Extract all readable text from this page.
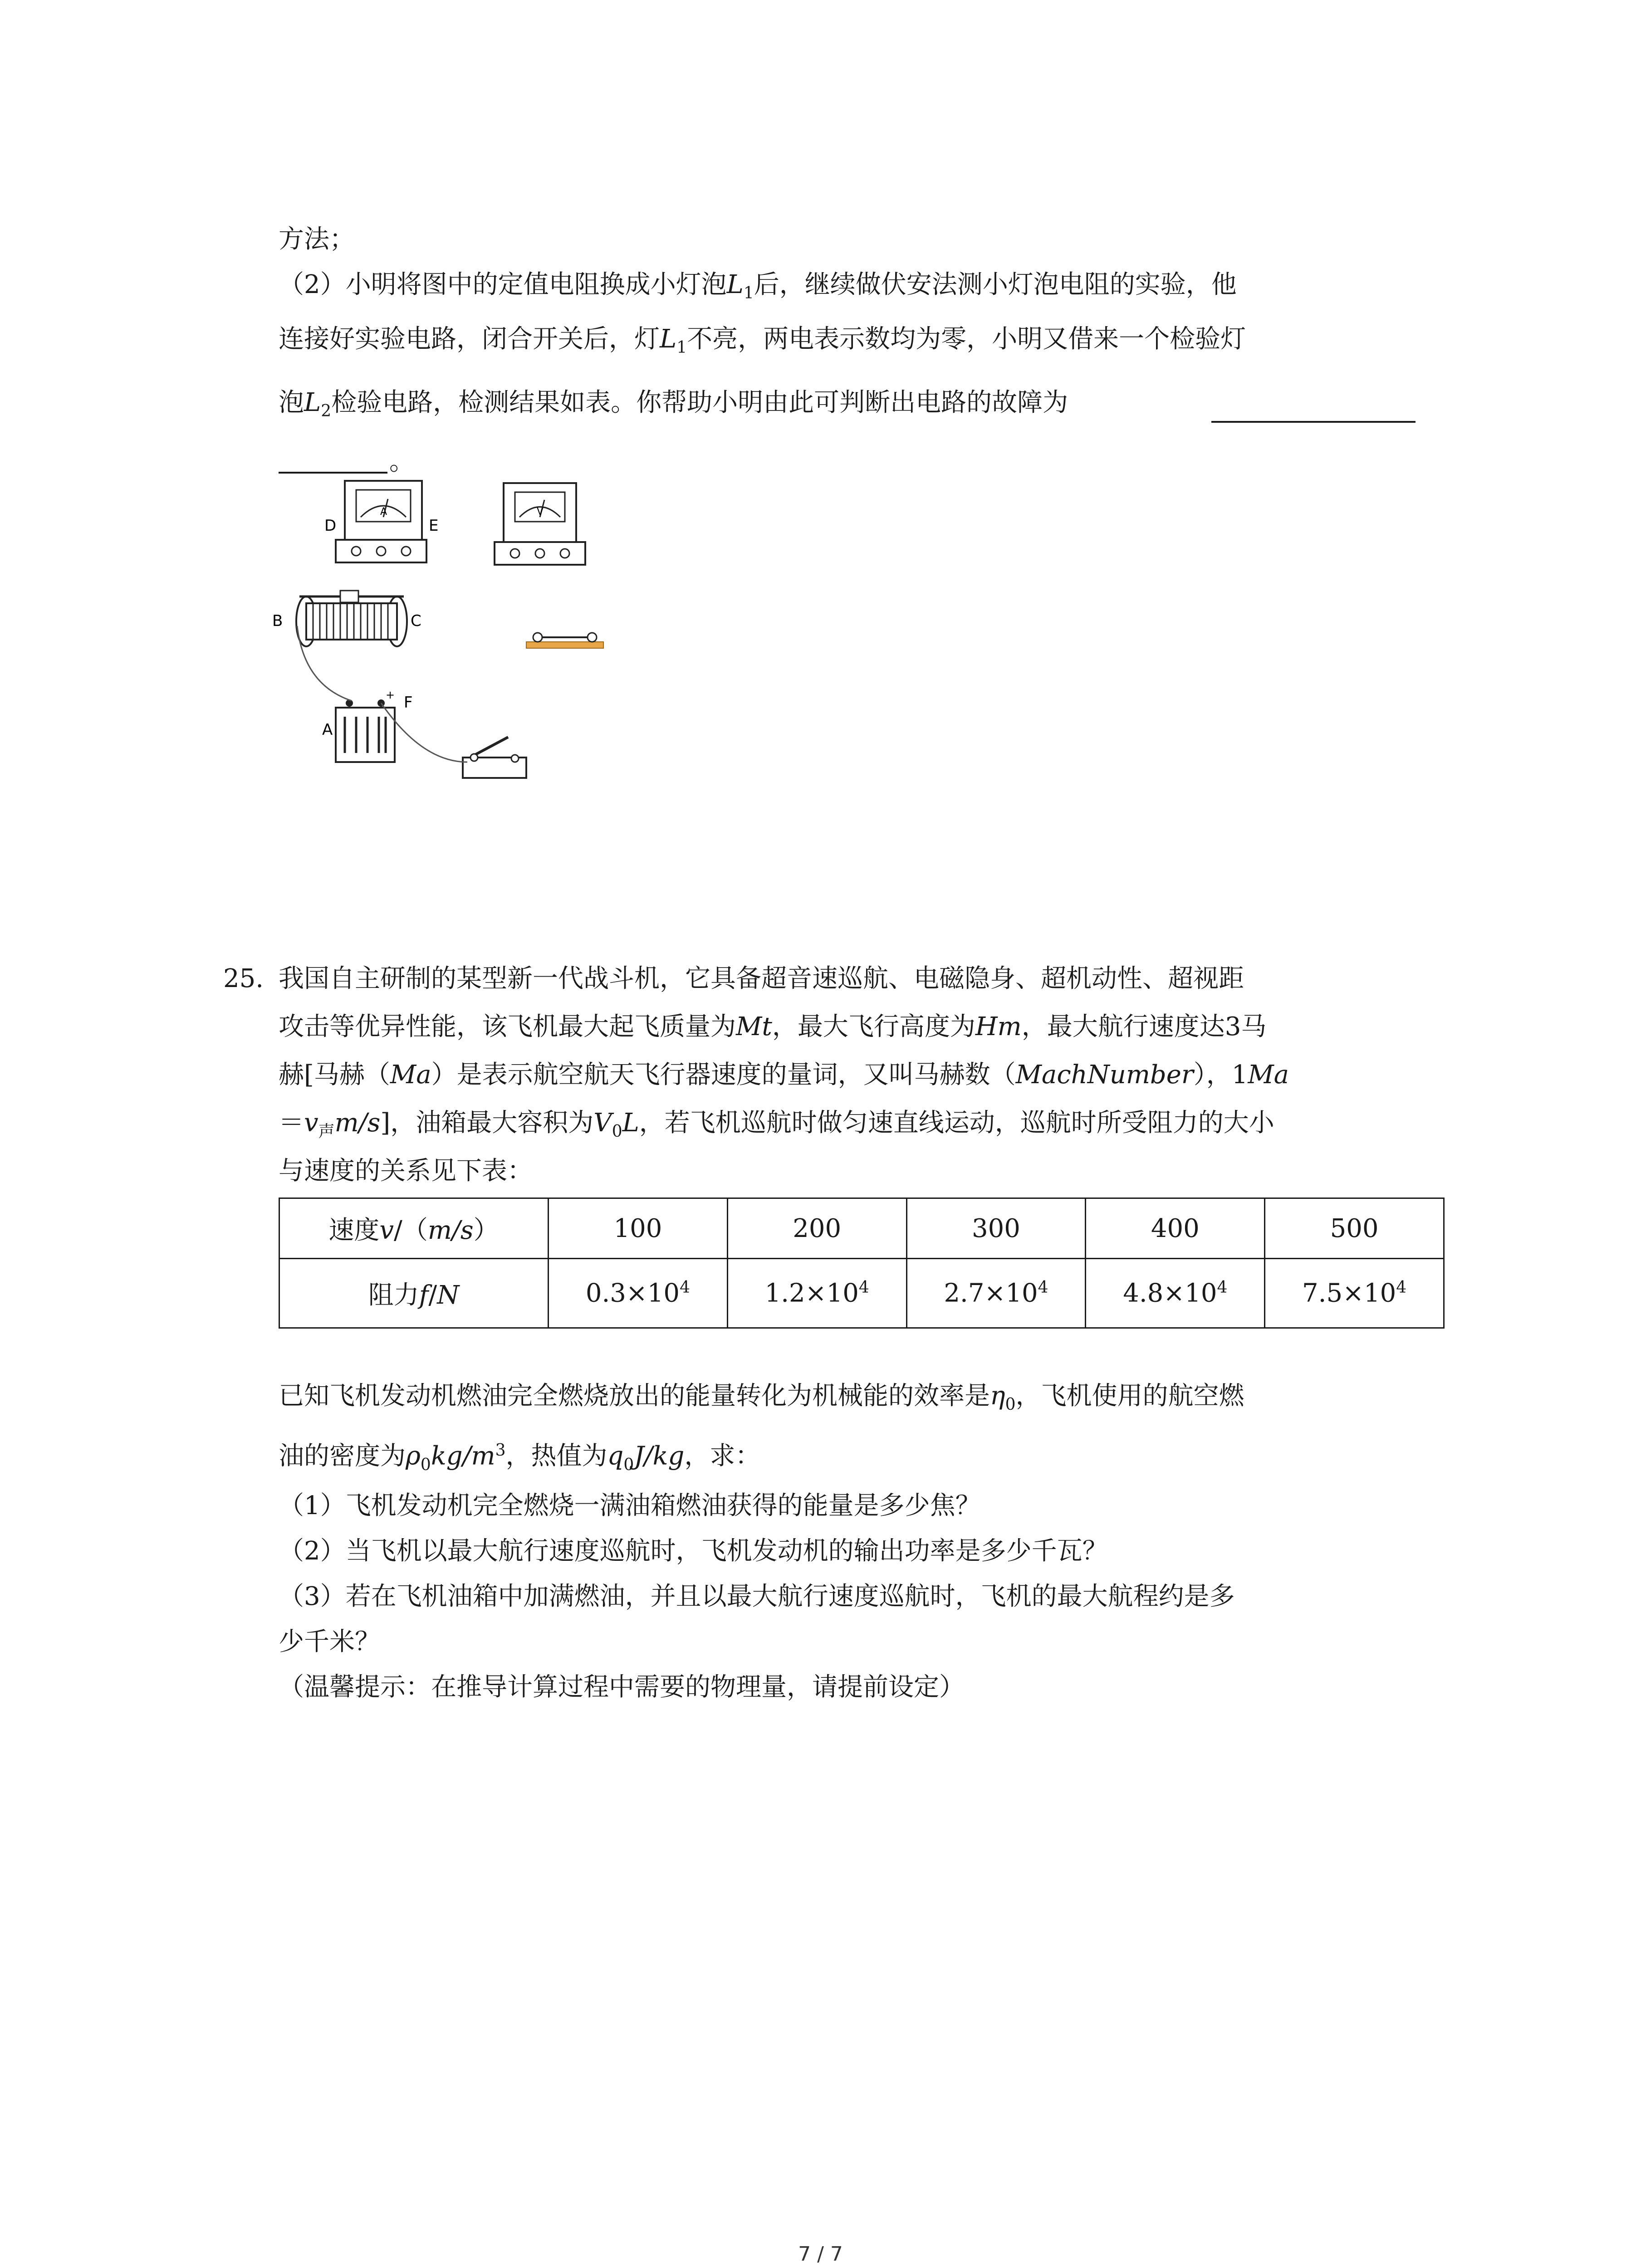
方法；
（2）小明将图中的定值电阻换成小灯泡$L_1$后，继续做伏安法测小灯泡电阻的实验，他
连接好实验电路，闭合开关后，灯$L_1$不亮，两电表示数均为零，小明又借来一个检验灯
泡$L_2$检验电路，检测结果如表。你帮助小明由此可判断出电路的故障为
。
A
D	E
V
B	C
+
A
F
25. 我国自主研制的某型新一代战斗机，它具备超音速巡航、电磁隐身、超机动性、超视距
攻击等优异性能，该飞机最大起飞质量为Mt，最大飞行高度为Hm，最大航行速度达3马
赫[马赫（Ma）是表示航空航天飞行器速度的量词，又叫马赫数（MachNumber），1Ma
$=v_声m/s$]，油箱最大容积为$V_0L$，若飞机巡航时做匀速直线运动，巡航时所受阻力的大小
与速度的关系见下表：
速度v/（m/s）	100	200	300	400	500
阻力f/N	$0.3\times 10^4$	$1.2\times 10^4$	$2.7\times 10^4$	$4.8\times 10^4$	$7.5\times 10^4$
已知飞机发动机燃油完全燃烧放出的能量转化为机械能的效率是$\eta_0$，飞机使用的航空燃
油的密度为$\rho_0kg/m^3$，热值为$q_0J/kg$，求：
（1）飞机发动机完全燃烧一满油箱燃油获得的能量是多少焦？
（2）当飞机以最大航行速度巡航时，飞机发动机的输出功率是多少千瓦？
（3）若在飞机油箱中加满燃油，并且以最大航行速度巡航时，飞机的最大航程约是多
少千米？
（温馨提示：在推导计算过程中需要的物理量，请提前设定）
7 / 7
